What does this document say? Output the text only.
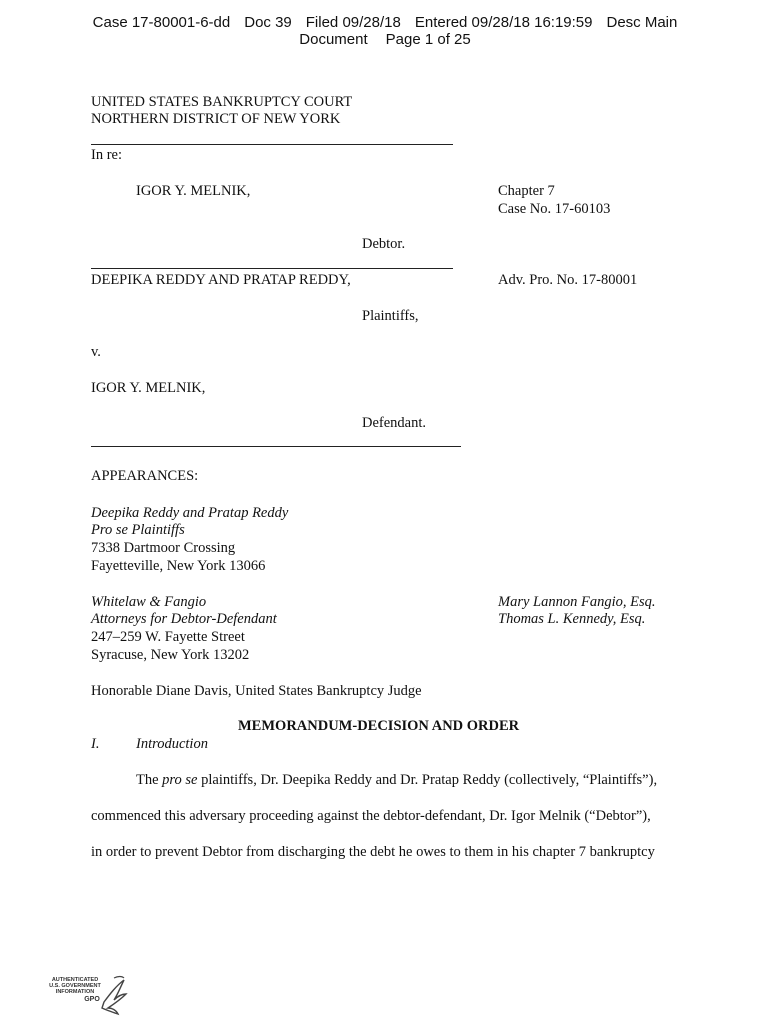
Case 17-80001-6-dd Doc 39 Filed 09/28/18 Entered 09/28/18 16:19:59 Desc Main
Document Page 1 of 25
UNITED STATES BANKRUPTCY COURT
NORTHERN DISTRICT OF NEW YORK
In re:
IGOR Y. MELNIK,	Chapter 7
Case No. 17-60103
Debtor.
DEEPIKA REDDY AND PRATAP REDDY,	Adv. Pro. No. 17-80001
Plaintiffs,
v.
IGOR Y. MELNIK,
Defendant.
APPEARANCES:
Deepika Reddy and Pratap Reddy
Pro se Plaintiffs
7338 Dartmoor Crossing
Fayetteville, New York 13066
Whitelaw & Fangio
Attorneys for Debtor-Defendant
247–259 W. Fayette Street
Syracuse, New York 13202
Mary Lannon Fangio, Esq.
Thomas L. Kennedy, Esq.
Honorable Diane Davis, United States Bankruptcy Judge
MEMORANDUM-DECISION AND ORDER
I.	Introduction
The pro se plaintiffs, Dr. Deepika Reddy and Dr. Pratap Reddy (collectively, “Plaintiffs”),
commenced this adversary proceeding against the debtor-defendant, Dr. Igor Melnik (“Debtor”),
in order to prevent Debtor from discharging the debt he owes to them in his chapter 7 bankruptcy
AUTHENTICATED
U.S. GOVERNMENT
INFORMATION
GPO
